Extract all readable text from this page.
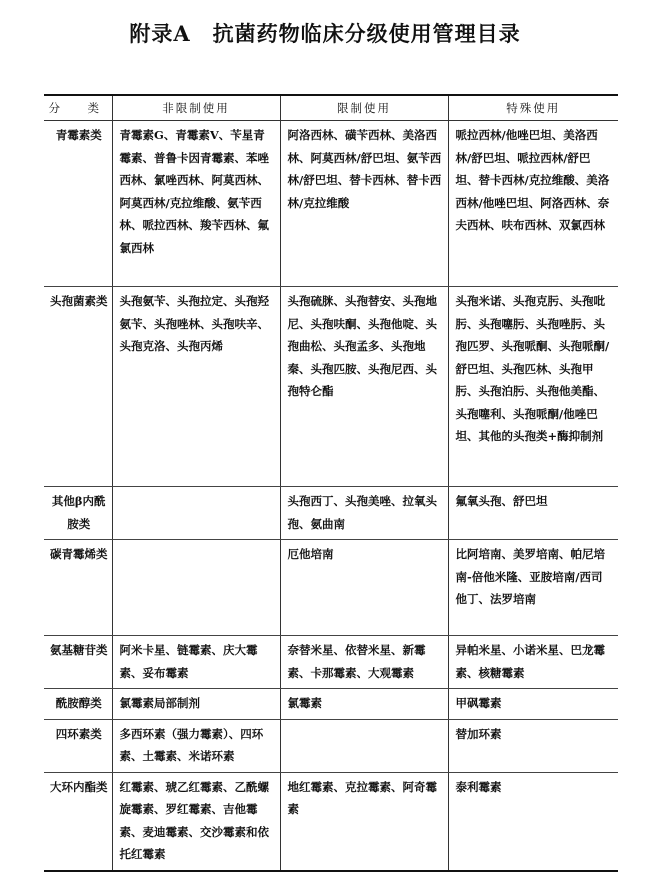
附录A　抗菌药物临床分级使用管理目录
分　类	非限制使用	限制使用	特殊使用
青霉素类	青霉素G、青霉素V、苄星青霉素、普鲁卡因青霉素、苯唑西林、氯唑西林、阿莫西林、阿莫西林/克拉维酸、氨苄西林、哌拉西林、羧苄西林、氟氯西林	阿洛西林、磺苄西林、美洛西林、阿莫西林/舒巴坦、氨苄西林/舒巴坦、替卡西林、替卡西林/克拉维酸	哌拉西林/他唑巴坦、美洛西林/舒巴坦、哌拉西林/舒巴坦、替卡西林/克拉维酸、美洛西林/他唑巴坦、阿洛西林、奈夫西林、呋布西林、双氯西林
头孢菌素类	头孢氨苄、头孢拉定、头孢羟氨苄、头孢唑林、头孢呋辛、头孢克洛、头孢丙烯	头孢硫脒、头孢替安、头孢地尼、头孢呋酮、头孢他啶、头孢曲松、头孢孟多、头孢地秦、头孢匹胺、头孢尼西、头孢特仑酯	头孢米诺、头孢克肟、头孢吡肟、头孢噻肟、头孢唑肟、头孢匹罗、头孢哌酮、头孢哌酮/舒巴坦、头孢匹林、头孢甲肟、头孢泊肟、头孢他美酯、头孢噻利、头孢哌酮/他唑巴坦、其他的头孢类+酶抑制剂
其他β内酰胺类		头孢西丁、头孢美唑、拉氧头孢、氨曲南	氟氧头孢、舒巴坦
碳青霉烯类		厄他培南	比阿培南、美罗培南、帕尼培南-倍他米隆、亚胺培南/西司他丁、法罗培南
氨基糖苷类	阿米卡星、链霉素、庆大霉素、妥布霉素	奈替米星、依替米星、新霉素、卡那霉素、大观霉素	异帕米星、小诺米星、巴龙霉素、核糖霉素
酰胺醇类	氯霉素局部制剂	氯霉素	甲砜霉素
四环素类	多西环素（强力霉素）、四环素、土霉素、米诺环素		替加环素
大环内酯类	红霉素、琥乙红霉素、乙酰螺旋霉素、罗红霉素、吉他霉素、麦迪霉素、交沙霉素和依托红霉素	地红霉素、克拉霉素、阿奇霉素	泰利霉素
